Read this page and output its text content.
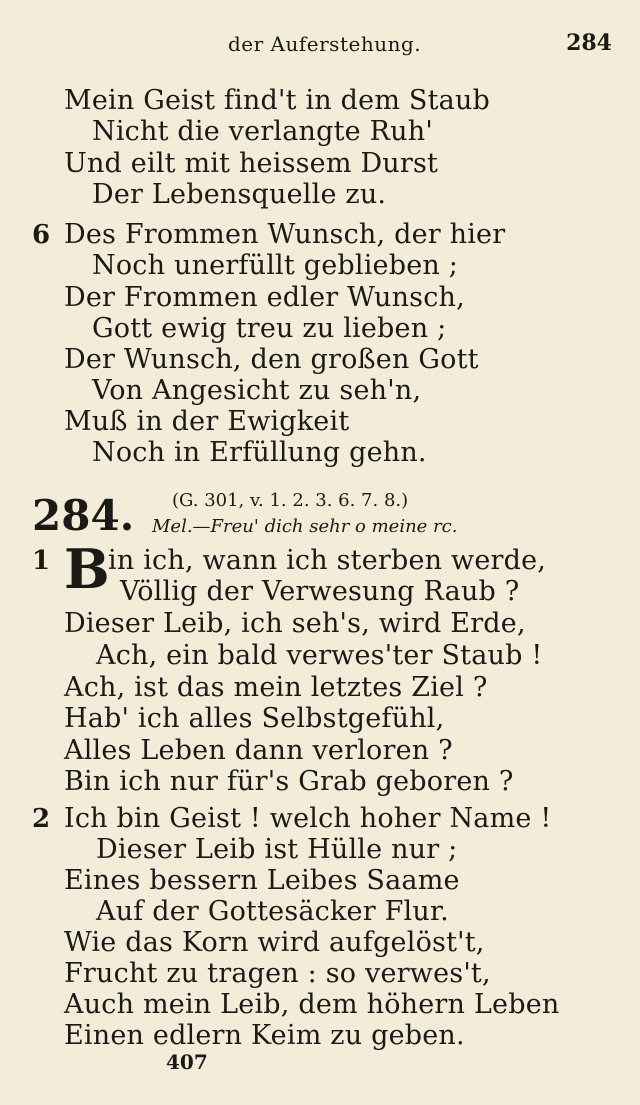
der Auferstehung.	284
Mein Geist find't in dem Staub
Nicht die verlangte Ruh'
Und eilt mit heissem Durst
Der Lebensquelle zu.
6 Des Frommen Wunsch, der hier
Noch unerfüllt geblieben ;
Der Frommen edler Wunsch,
Gott ewig treu zu lieben ;
Der Wunsch, den großen Gott
Von Angesicht zu seh'n,
Muß in der Ewigkeit
Noch in Erfüllung gehn.
284. (G. 301, v. 1. 2. 3. 6. 7. 8.)
Mel.—Freu' dich sehr o meine rc.
1 B
in ich, wann ich sterben werde,
Völlig der Verwesung Raub ?
Dieser Leib, ich seh's, wird Erde,
Ach, ein bald verwes'ter Staub !
Ach, ist das mein letztes Ziel ?
Hab' ich alles Selbstgefühl,
Alles Leben dann verloren ?
Bin ich nur für's Grab geboren ?
2 Ich bin Geist ! welch hoher Name !
Dieser Leib ist Hülle nur ;
Eines bessern Leibes Saame
Auf der Gottesäcker Flur.
Wie das Korn wird aufgelöst't,
Frucht zu tragen : so verwes't,
Auch mein Leib, dem höhern Leben
Einen edlern Keim zu geben.
407
